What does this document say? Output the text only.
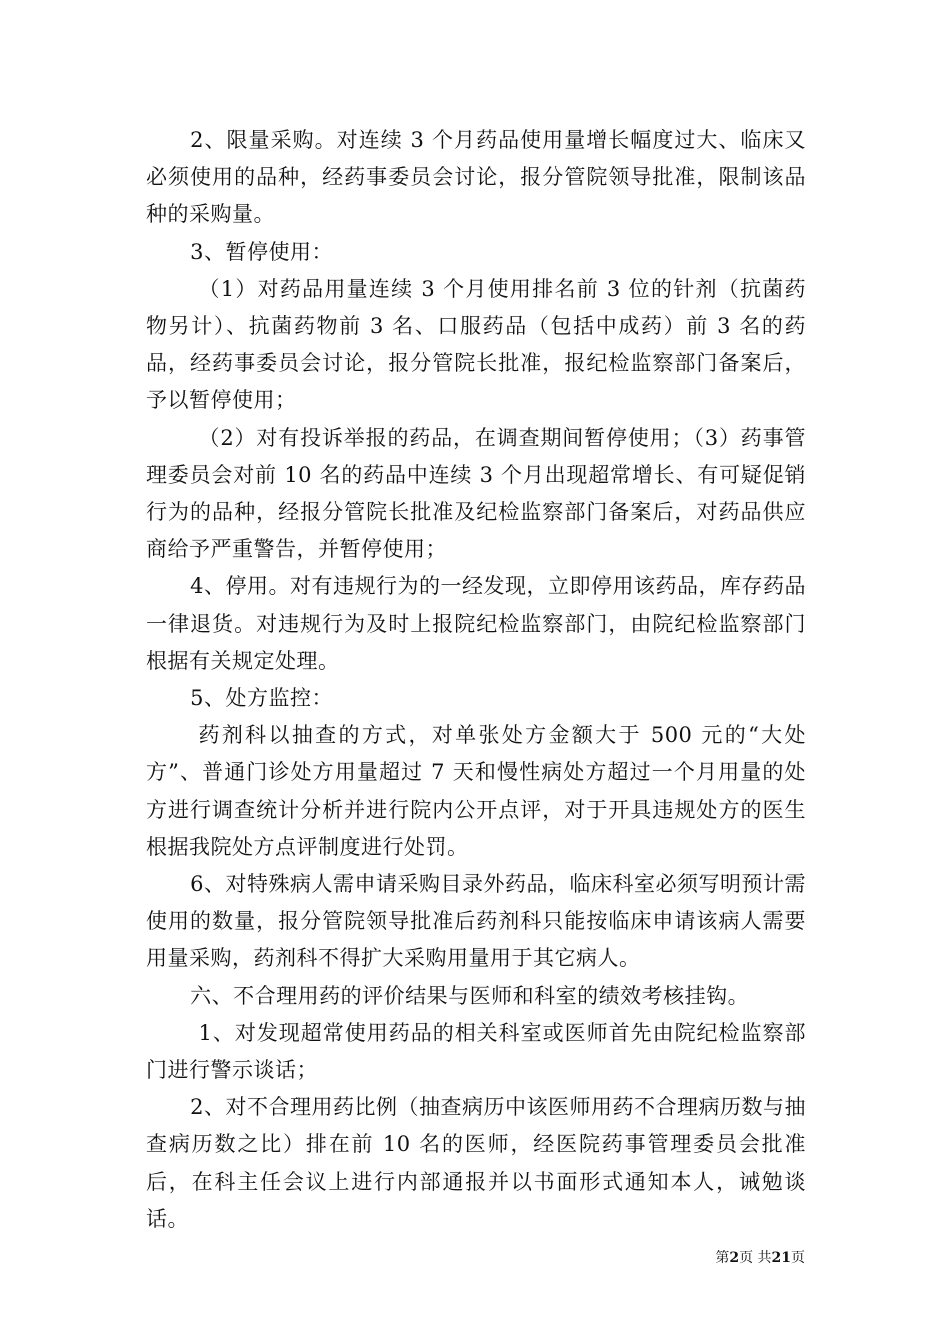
2、限量采购。对连续 3 个月药品使用量增长幅度过大、临床又必须使用的品种，经药事委员会讨论，报分管院领导批准，限制该品种的采购量。

3、暂停使用：

（1）对药品用量连续 3 个月使用排名前 3 位的针剂（抗菌药物另计）、抗菌药物前 3 名、口服药品（包括中成药）前 3 名的药品，经药事委员会讨论，报分管院长批准，报纪检监察部门备案后，予以暂停使用；

（2）对有投诉举报的药品，在调查期间暂停使用；（3）药事管理委员会对前 10 名的药品中连续 3 个月出现超常增长、有可疑促销行为的品种，经报分管院长批准及纪检监察部门备案后，对药品供应商给予严重警告，并暂停使用；

4、停用。对有违规行为的一经发现，立即停用该药品，库存药品一律退货。对违规行为及时上报院纪检监察部门，由院纪检监察部门根据有关规定处理。

5、处方监控：

药剂科以抽查的方式，对单张处方金额大于 500 元的“大处方”、普通门诊处方用量超过 7 天和慢性病处方超过一个月用量的处方进行调查统计分析并进行院内公开点评，对于开具违规处方的医生根据我院处方点评制度进行处罚。

6、对特殊病人需申请采购目录外药品，临床科室必须写明预计需使用的数量，报分管院领导批准后药剂科只能按临床申请该病人需要用量采购，药剂科不得扩大采购用量用于其它病人。

六、不合理用药的评价结果与医师和科室的绩效考核挂钩。

1、对发现超常使用药品的相关科室或医师首先由院纪检监察部门进行警示谈话；

2、对不合理用药比例（抽查病历中该医师用药不合理病历数与抽查病历数之比）排在前 10 名的医师，经医院药事管理委员会批准后，在科主任会议上进行内部通报并以书面形式通知本人，诫勉谈话。

第2页 共21页
